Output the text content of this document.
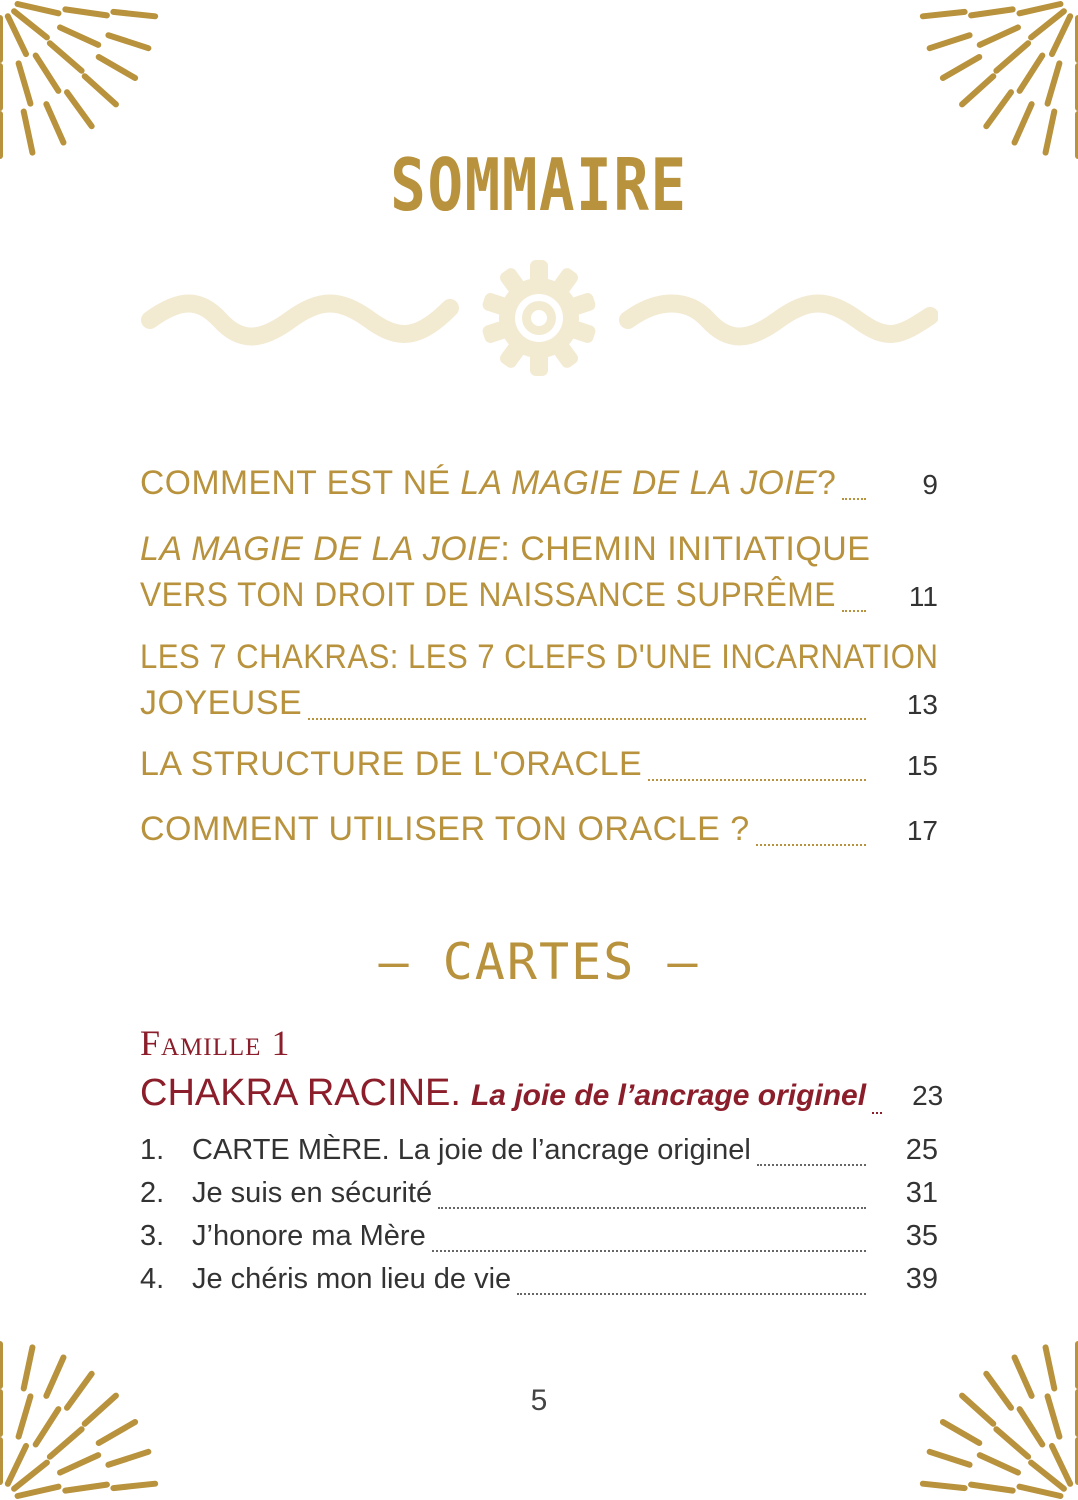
SOMMAIRE
COMMENT EST NÉ LA MAGIE DE LA JOIE?	9
LA MAGIE DE LA JOIE: CHEMIN INITIATIQUE
VERS TON DROIT DE NAISSANCE SUPRÊME	11
LES 7 CHAKRAS: LES 7 CLEFS D'UNE INCARNATION
JOYEUSE	13
LA STRUCTURE DE L'ORACLE	15
COMMENT UTILISER TON ORACLE ?	17
– CARTES –
Famille 1
CHAKRA RACINE. La joie de l’ancrage originel 23
1. CARTE MÈRE. La joie de l’ancrage originel	25
2. Je suis en sécurité	31
3. J’honore ma Mère	35
4. Je chéris mon lieu de vie	39
5
